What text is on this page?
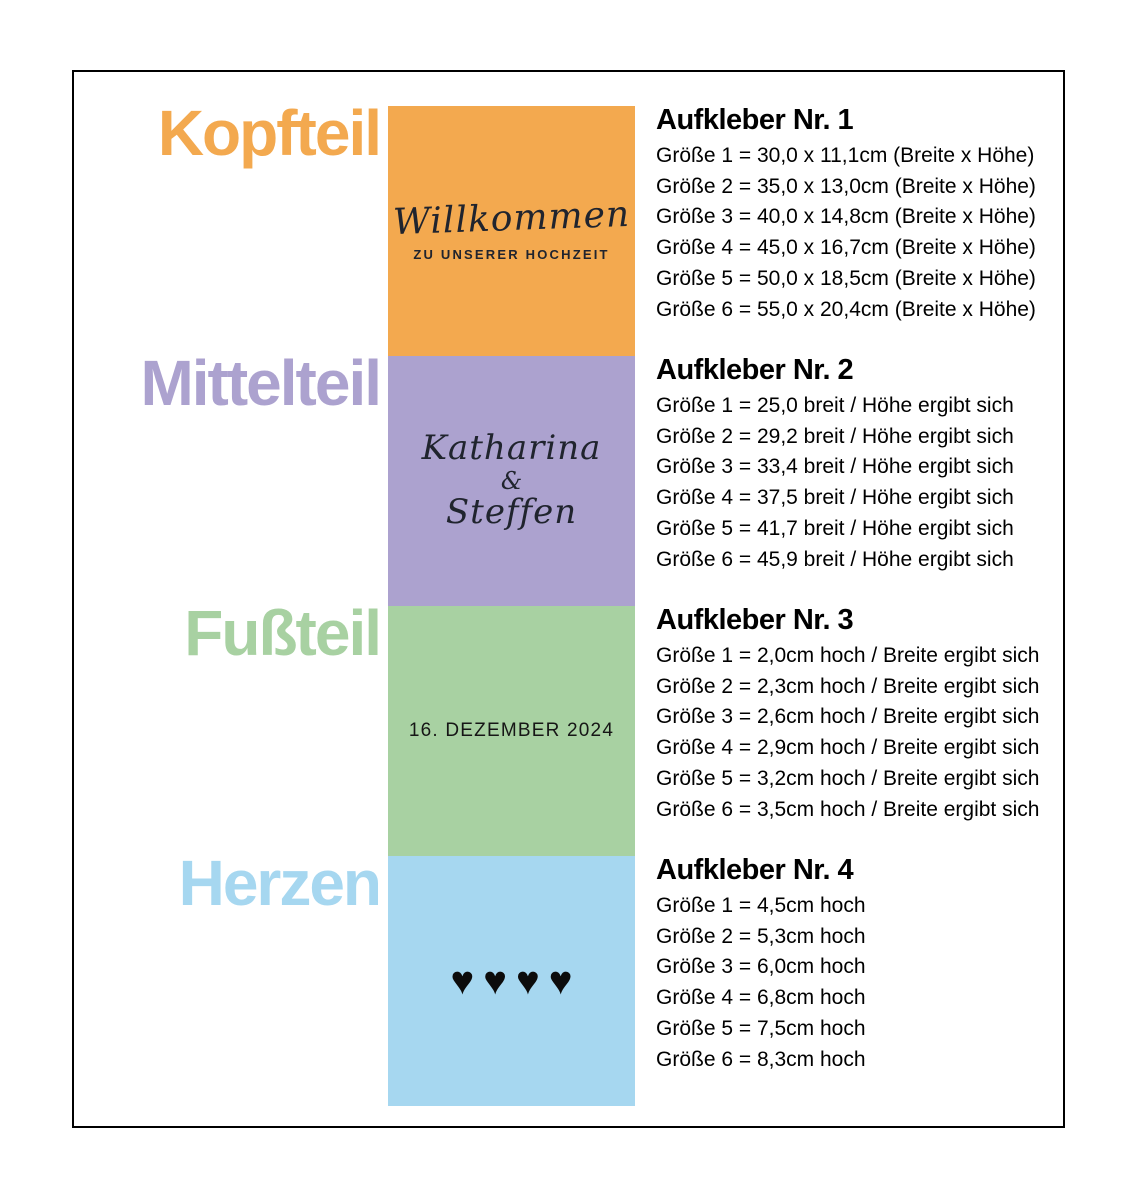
Kopfteil
Mittelteil
Fußteil
Herzen
Willkommen
ZU UNSERER HOCHZEIT
Katharina
&
Steffen
16. DEZEMBER 2024
♥♥♥♥
Aufkleber Nr. 1
Größe 1 = 30,0 x 11,1cm (Breite x Höhe)
Größe 2 = 35,0 x 13,0cm (Breite x Höhe)
Größe 3 = 40,0 x 14,8cm (Breite x Höhe)
Größe 4 = 45,0 x 16,7cm (Breite x Höhe)
Größe 5 = 50,0 x 18,5cm (Breite x Höhe)
Größe 6 = 55,0 x 20,4cm (Breite x Höhe)
Aufkleber Nr. 2
Größe 1 = 25,0 breit / Höhe ergibt sich
Größe 2 = 29,2 breit / Höhe ergibt sich
Größe 3 = 33,4 breit / Höhe ergibt sich
Größe 4 = 37,5 breit / Höhe ergibt sich
Größe 5 = 41,7 breit / Höhe ergibt sich
Größe 6 = 45,9 breit / Höhe ergibt sich
Aufkleber Nr. 3
Größe 1 = 2,0cm hoch / Breite ergibt sich
Größe 2 = 2,3cm hoch / Breite ergibt sich
Größe 3 = 2,6cm hoch / Breite ergibt sich
Größe 4 = 2,9cm hoch / Breite ergibt sich
Größe 5 = 3,2cm hoch / Breite ergibt sich
Größe 6 = 3,5cm hoch / Breite ergibt sich
Aufkleber Nr. 4
Größe 1 = 4,5cm hoch
Größe 2 = 5,3cm hoch
Größe 3 = 6,0cm hoch
Größe 4 = 6,8cm hoch
Größe 5 = 7,5cm hoch
Größe 6 = 8,3cm hoch
